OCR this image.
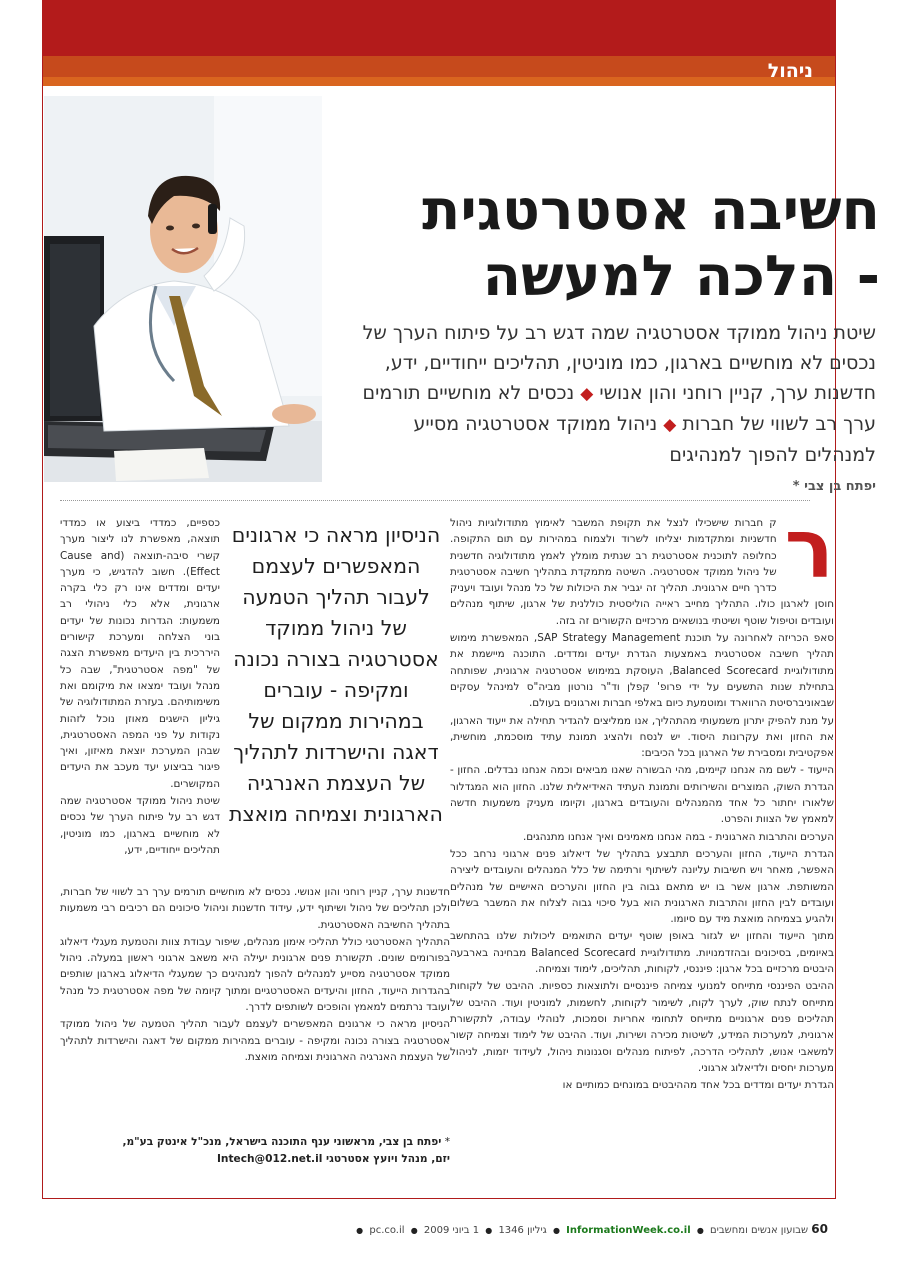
ניהול
חשיבה אסטרטגית
- הלכה למעשה
שיטת ניהול ממוקד אסטרטגיה שמה דגש רב על פיתוח הערך של נכסים לא מוחשיים בארגון, כמו מוניטין, תהליכים ייחודיים, ידע, חדשנות ערך, קניין רוחני והון אנושי ◆ נכסים לא מוחשיים תורמים ערך רב לשווי של חברות ◆ ניהול ממוקד אסטרטגיה מסייע למנהלים להפוך למנהיגים
יפתח בן צבי *
ר

ק חברות שישכילו לנצל את תקופת המשבר לאימוץ מתודולוגיות ניהול חדשניות ומתקדמות יצליחו לשרוד ולצמוח במהירות עם תום התקופה. כחלופה לתוכנית אסטרטגית רב שנתית מומלץ לאמץ מתודולוגיה חדשנית של ניהול ממוקד אסטרטגיה. השיטה מתמקדת בתהליך חשיבה אסטרטגית כדרך חיים ארגונית. תהליך זה יגביר את היכולות של כל מנהל ועובד ויעניק חוסן לארגון כולו. התהליך מחייב ראייה הוליסטית כוללנית של ארגון, שיתוף מנהלים ועובדים וטיפול שוטף ושיטתי בנושאים מרכזיים הקשורים זה בזה.

סאפ הכריזה לאחרונה על תוכנת SAP Strategy Management, המאפשרת מימוש תהליך חשיבה אסטרטגית באמצעות הגדרת יעדים ומדדים. התוכנה מיישמת את מתודולוגיית Balanced Scorecard, העוסקת במימוש אסטרטגיה ארגונית, שפותחה בתחילת שנות התשעים על ידי פרופ' קפלן וד"ר נורטון מביה"ס למינהל עסקים שבאוניברסיטת הרווארד ומוטמעת כיום באלפי חברות וארגונים בעולם.

על מנת להפיק יתרון משמעותי מהתהליך, אנו ממליצים להגדיר תחילה את ייעוד הארגון, את החזון ואת עקרונות היסוד. יש לנסח ולהציג תמונת עתיד מוסכמת, מוחשית, אפקטיבית ומסבירת של הארגון בכל הכיבים:

הייעוד - לשם מה אנחנו קיימים, מהי הבשורה שאנו מביאים וכמה אנחנו נבדלים. החזון - הגדרת השוק, המוצרים והשירותים ותמונת העתיד האידיאלית שלנו. החזון הוא המגדלור שלאורו יחתור כל אחד מהמנהלים והעובדים בארגון, וקיומו מעניק משמעות חדשה למאמץ של הצוות והפרט.

הערכים והתרבות הארגונית - במה אנחנו מאמינים ואיך אנחנו מתנהגים.

הגדרת הייעוד, החזון והערכים תתבצע בתהליך של דיאלוג פנים ארגוני נרחב ככל האפשר, מאחר ויש חשיבות עליונה לשיתוף ורתימה של כלל המנהלים והעובדים ליצירה המשותפת. ארגון אשר בו יש מתאם גבוה בין החזון והערכים האישיים של מנהלים ועובדים לבין החזון והתרבות הארגונית הוא בעל סיכוי גבוה לצלוח את המשבר בשלום ולהגיע בצמיחה מואצת מיד עם סיומו.

מתוך הייעוד והחזון יש לגזור באופן שוטף יעדים התואמים ליכולות שלנו בהתחשב באיומים, בסיכונים ובהזדמנויות. מתודולוגיית Balanced Scorecard מבחינה בארבעה היבטים מרכזיים בכל ארגון: פיננסי, לקוחות, תהליכים, לימוד וצמיחה.

ההיבט הפיננסי מתייחס למנועי צמיחה פיננסיים ולתוצאות כספיות. ההיבט של לקוחות מתייחס לנתח שוק, לערך לקוח, לשימור לקוחות, לחשמות, למוניטין ועוד. ההיבט של תהליכים פנים ארגוניים מתייחס לתחומי אחריות וסמכות, לנוהלי עבודה, לתקשורת ארגונית, למערכות המידע, לשיטות מכירה ושירות, ועוד. ההיבט של לימוד וצמיחה קשור למשאבי אנוש, לתהליכי הדרכה, לפיתוח מנהלים וסגנונות ניהול, לעידוד יזמות, לניהול מערכות יחסים ולדיאלוג ארגוני.

הגדרת יעדים ומדדים בכל אחד מההיבטים במונחים כמותיים או

הניסיון מראה כי ארגונים המאפשרים לעצמם לעבור תהליך הטמעה של ניהול ממוקד אסטרטגיה בצורה נכונה ומקיפה - עוברים במהירות ממקום של דאגה והישרדות לתהליך של העצמת האנרגיה הארגונית וצמיחה מואצת

כספיים, כמדדי ביצוע או כמדדי תוצאה, מאפשרת לנו ליצור מערך קשרי סיבה-תוצאה (Cause and Effect). חשוב להדגיש, כי מערך יעדים ומדדים אינו רק כלי בקרה ארגונית, אלא כלי ניהולי רב משמעות: הגדרות נכונות של יעדים בוני הצלחה ומערכת קישורים היררכית בין היעדים מאפשרת הצגה של "מפה אסטרטגית", שבה כל מנהל ועובד ימצאו את מיקומם ואת משימותיהם. בעזרת המתודולוגיה של גיליון הישגים מאוזן נוכל לזהות נקודות על פני המפה האסטרטגית, שבהן המערכת יוצאת מאיזון, ואיך פיגור בביצוע יעד מעכב את היעדים המקושרים.

שיטת ניהול ממוקד אסטרטגיה שמה דגש רב על פיתוח הערך של נכסים לא מוחשיים בארגון, כמו מוניטין, תהליכים ייחודיים, ידע,

חדשנות ערך, קניין רוחני והון אנושי. נכסים לא מוחשיים תורמים ערך רב לשווי של חברות, ולכן תהליכים של ניהול ושיתוף ידע, עידוד חדשנות וניהול סיכונים הם רכיבים רבי משמעות בתהליך החשיבה האסטרטגית.

התהליך האסטרטגי כולל תהליכי אימון מנהלים, שיפור עבודת צוות והטמעת מעגלי דיאלוג בפורומים שונים. תקשורת פנים ארגונית יעילה היא משאב ארגוני ראשון במעלה. ניהול ממוקד אסטרטגיה מסייע למנהלים להפוך למנהיגים כך שמעגלי הדיאלוג בארגון שותפים בהגדרות הייעוד, החזון והיעדים האסטרטגיים ומתוך קיומה של מפה אסטרטגית כל מנהל ועובד נרתמים למאמץ והופכים לשותפים לדרך.

הניסיון מראה כי ארגונים המאפשרים לעצמם לעבור תהליך הטמעה של ניהול ממוקד אסטרטגיה בצורה נכונה ומקיפה - עוברים במהירות ממקום של דאגה והישרדות לתהליך של העצמת האנרגיה הארגונית וצמיחה מואצת.

* יפתח בן צבי, מראשוני ענף התוכנה בישראל, מנכ"ל אינטק בע"מ,
יזם, מנהל ויועץ אסטרטגי Intech@012.net.il
60 שבועון אנשים ומחשבים ● InformationWeek.co.il ● גיליון 1346 ● 1 ביוני 2009 ● pc.co.il ●
